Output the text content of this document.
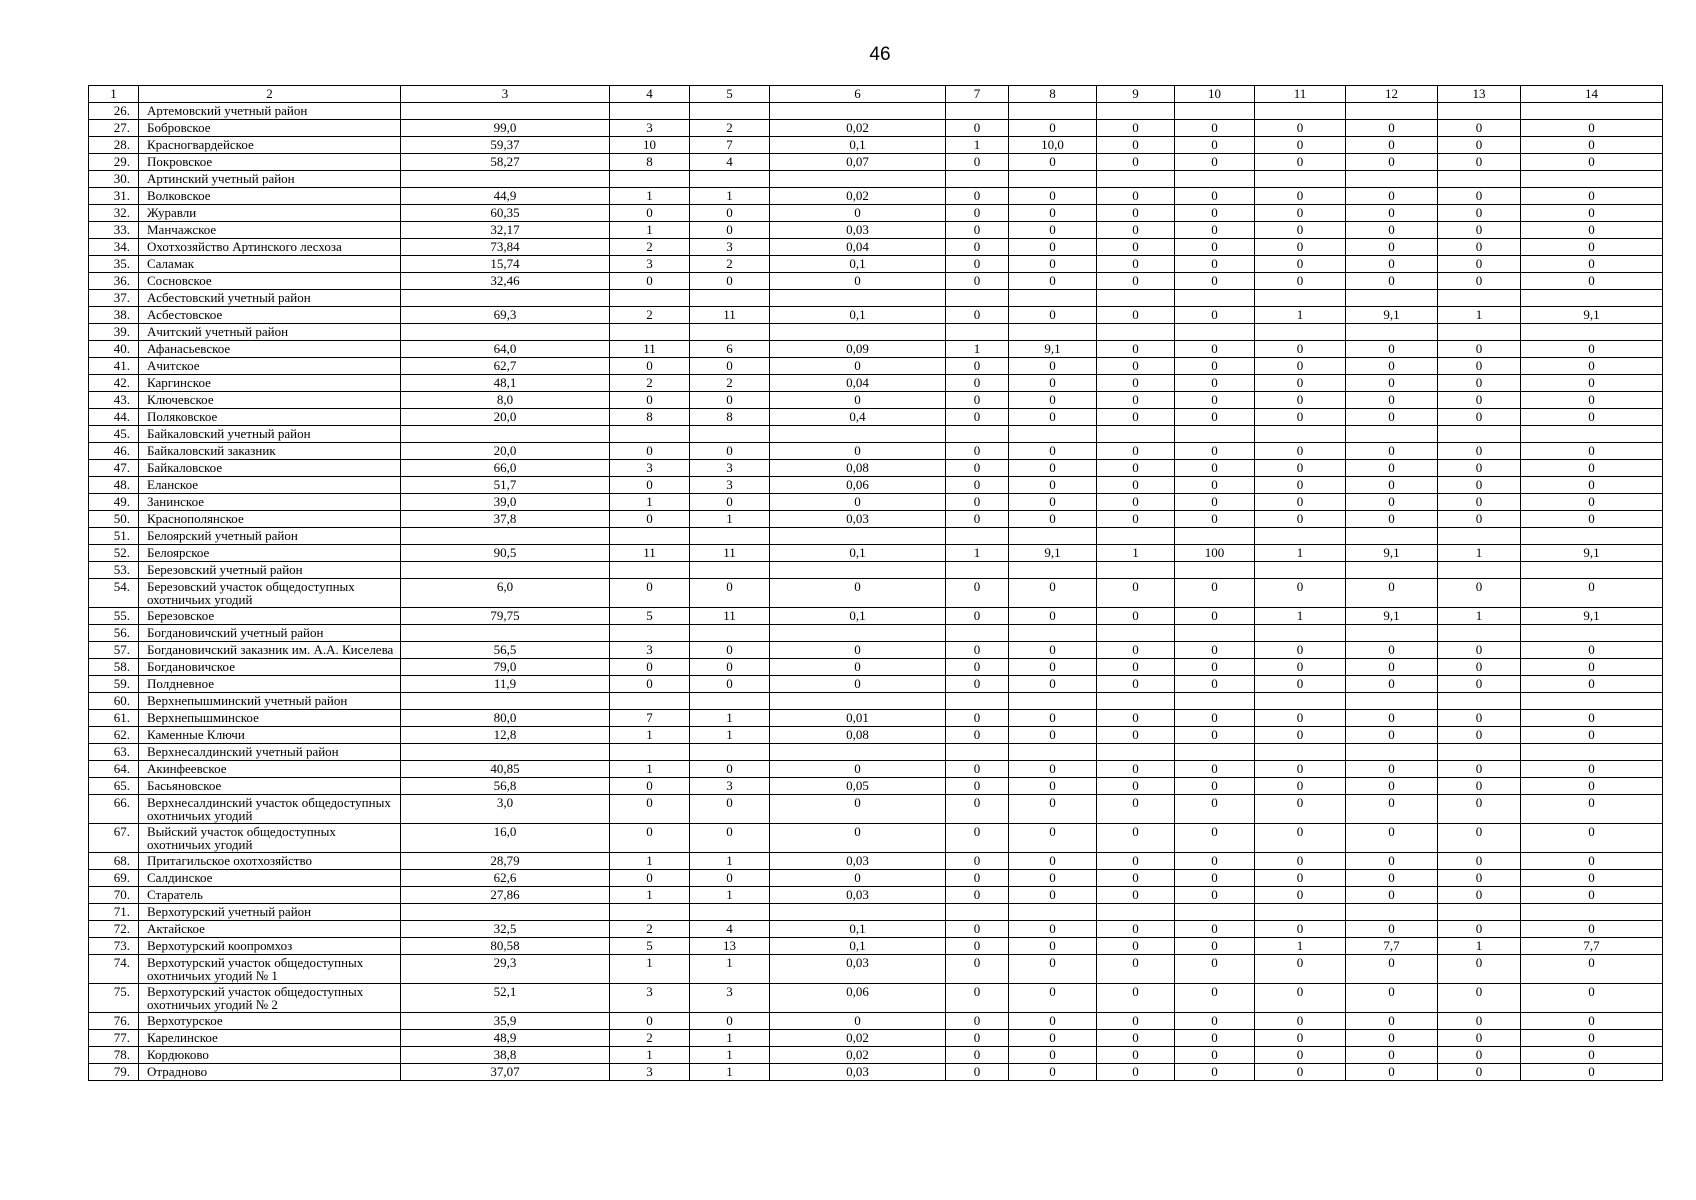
46
1	2	3	4	5	6	7	8	9	10	11	12	13	14
26.	Артемовский учетный район												
27.	Бобровское	99,0	3	2	0,02	0	0	0	0	0	0	0	0
28.	Красногвардейское	59,37	10	7	0,1	1	10,0	0	0	0	0	0	0
29.	Покровское	58,27	8	4	0,07	0	0	0	0	0	0	0	0
30.	Артинский учетный район												
31.	Волковское	44,9	1	1	0,02	0	0	0	0	0	0	0	0
32.	Журавли	60,35	0	0	0	0	0	0	0	0	0	0	0
33.	Манчажское	32,17	1	0	0,03	0	0	0	0	0	0	0	0
34.	Охотхозяйство Артинского лесхоза	73,84	2	3	0,04	0	0	0	0	0	0	0	0
35.	Саламак	15,74	3	2	0,1	0	0	0	0	0	0	0	0
36.	Сосновское	32,46	0	0	0	0	0	0	0	0	0	0	0
37.	Асбестовский учетный район												
38.	Асбестовское	69,3	2	11	0,1	0	0	0	0	1	9,1	1	9,1
39.	Ачитский учетный район												
40.	Афанасьевское	64,0	11	6	0,09	1	9,1	0	0	0	0	0	0
41.	Ачитское	62,7	0	0	0	0	0	0	0	0	0	0	0
42.	Каргинское	48,1	2	2	0,04	0	0	0	0	0	0	0	0
43.	Ключевское	8,0	0	0	0	0	0	0	0	0	0	0	0
44.	Поляковское	20,0	8	8	0,4	0	0	0	0	0	0	0	0
45.	Байкаловский учетный район												
46.	Байкаловский заказник	20,0	0	0	0	0	0	0	0	0	0	0	0
47.	Байкаловское	66,0	3	3	0,08	0	0	0	0	0	0	0	0
48.	Еланское	51,7	0	3	0,06	0	0	0	0	0	0	0	0
49.	Занинское	39,0	1	0	0	0	0	0	0	0	0	0	0
50.	Краснополянское	37,8	0	1	0,03	0	0	0	0	0	0	0	0
51.	Белоярский учетный район												
52.	Белоярское	90,5	11	11	0,1	1	9,1	1	100	1	9,1	1	9,1
53.	Березовский учетный район												
54.	Березовский участок общедоступных охотничьих угодий	6,0	0	0	0	0	0	0	0	0	0	0	0
55.	Березовское	79,75	5	11	0,1	0	0	0	0	1	9,1	1	9,1
56.	Богдановичский учетный район												
57.	Богдановичский заказник им. А.А. Киселева	56,5	3	0	0	0	0	0	0	0	0	0	0
58.	Богдановичское	79,0	0	0	0	0	0	0	0	0	0	0	0
59.	Полдневное	11,9	0	0	0	0	0	0	0	0	0	0	0
60.	Верхнепышминский учетный район												
61.	Верхнепышминское	80,0	7	1	0,01	0	0	0	0	0	0	0	0
62.	Каменные Ключи	12,8	1	1	0,08	0	0	0	0	0	0	0	0
63.	Верхнесалдинский учетный район												
64.	Акинфеевское	40,85	1	0	0	0	0	0	0	0	0	0	0
65.	Басьяновское	56,8	0	3	0,05	0	0	0	0	0	0	0	0
66.	Верхнесалдинский участок общедоступных охотничьих угодий	3,0	0	0	0	0	0	0	0	0	0	0	0
67.	Выйский участок общедоступных охотничьих угодий	16,0	0	0	0	0	0	0	0	0	0	0	0
68.	Притагильское охотхозяйство	28,79	1	1	0,03	0	0	0	0	0	0	0	0
69.	Салдинское	62,6	0	0	0	0	0	0	0	0	0	0	0
70.	Старатель	27,86	1	1	0,03	0	0	0	0	0	0	0	0
71.	Верхотурский учетный район												
72.	Актайское	32,5	2	4	0,1	0	0	0	0	0	0	0	0
73.	Верхотурский коопромхоз	80,58	5	13	0,1	0	0	0	0	1	7,7	1	7,7
74.	Верхотурский участок общедоступных охотничьих угодий № 1	29,3	1	1	0,03	0	0	0	0	0	0	0	0
75.	Верхотурский участок общедоступных охотничьих угодий № 2	52,1	3	3	0,06	0	0	0	0	0	0	0	0
76.	Верхотурское	35,9	0	0	0	0	0	0	0	0	0	0	0
77.	Карелинское	48,9	2	1	0,02	0	0	0	0	0	0	0	0
78.	Кордюково	38,8	1	1	0,02	0	0	0	0	0	0	0	0
79.	Отрадново	37,07	3	1	0,03	0	0	0	0	0	0	0	0
